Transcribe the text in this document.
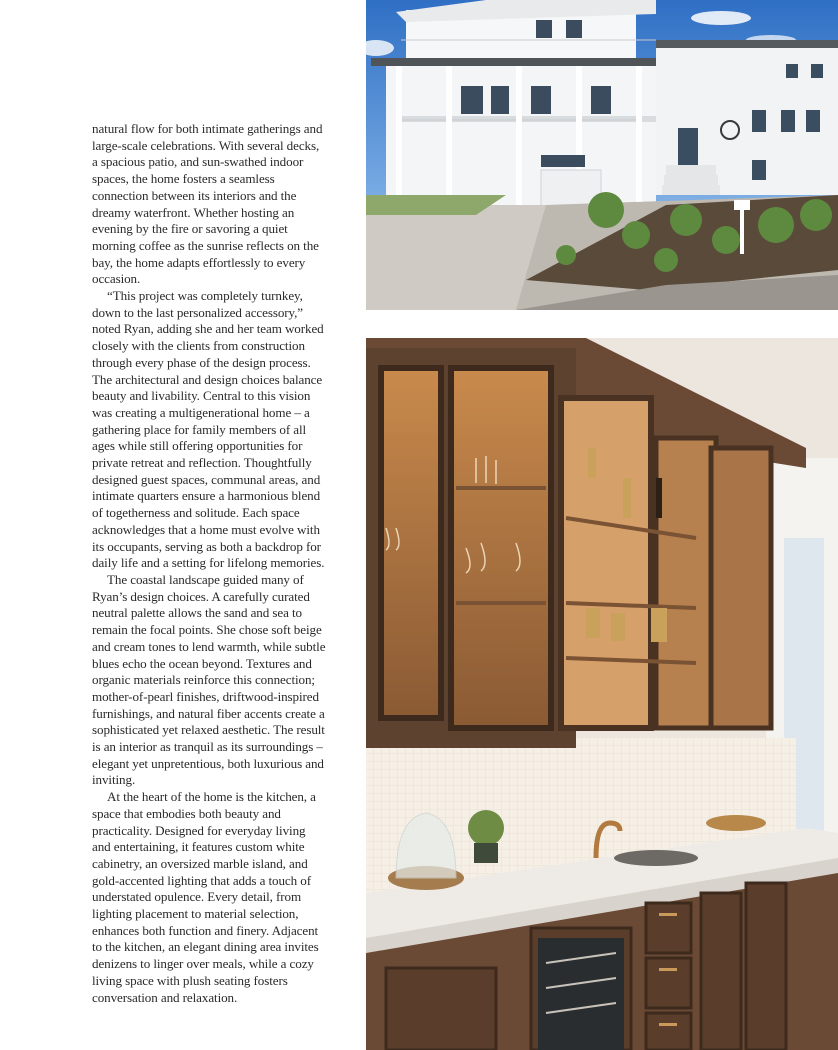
natural flow for both intimate gatherings and large-scale celebrations. With several decks, a spacious patio, and sun-swathed indoor spaces, the home fosters a seamless connection between its interiors and the dreamy waterfront. Whether hosting an evening by the fire or savoring a quiet morning coffee as the sunrise reflects on the bay, the home adapts effortlessly to every occasion.

“This project was completely turnkey, down to the last personalized accessory,” noted Ryan, adding she and her team worked closely with the clients from construction through every phase of the design process. The architectural and design choices balance beauty and livability. Central to this vision was creating a multigenerational home – a gathering place for family members of all ages while still offering opportunities for private retreat and reflection. Thoughtfully designed guest spaces, communal areas, and intimate quarters ensure a harmonious blend of togetherness and solitude. Each space acknowledges that a home must evolve with its occupants, serving as both a backdrop for daily life and a setting for lifelong memories.

The coastal landscape guided many of Ryan’s design choices. A carefully curated neutral palette allows the sand and sea to remain the focal points. She chose soft beige and cream tones to lend warmth, while subtle blues echo the ocean beyond. Textures and organic materials reinforce this connection; mother-of-pearl finishes, driftwood-inspired furnishings, and natural fiber accents create a sophisticated yet relaxed aesthetic. The result is an interior as tranquil as its surroundings – elegant yet unpretentious, both luxurious and inviting.

At the heart of the home is the kitchen, a space that embodies both beauty and practicality. Designed for everyday living and entertaining, it features custom white cabinetry, an oversized marble island, and gold-accented lighting that adds a touch of understated opulence. Every detail, from lighting placement to material selection, enhances both function and finery. Adjacent to the kitchen, an elegant dining area invites denizens to linger over meals, while a cozy living space with plush seating fosters conversation and relaxation.
